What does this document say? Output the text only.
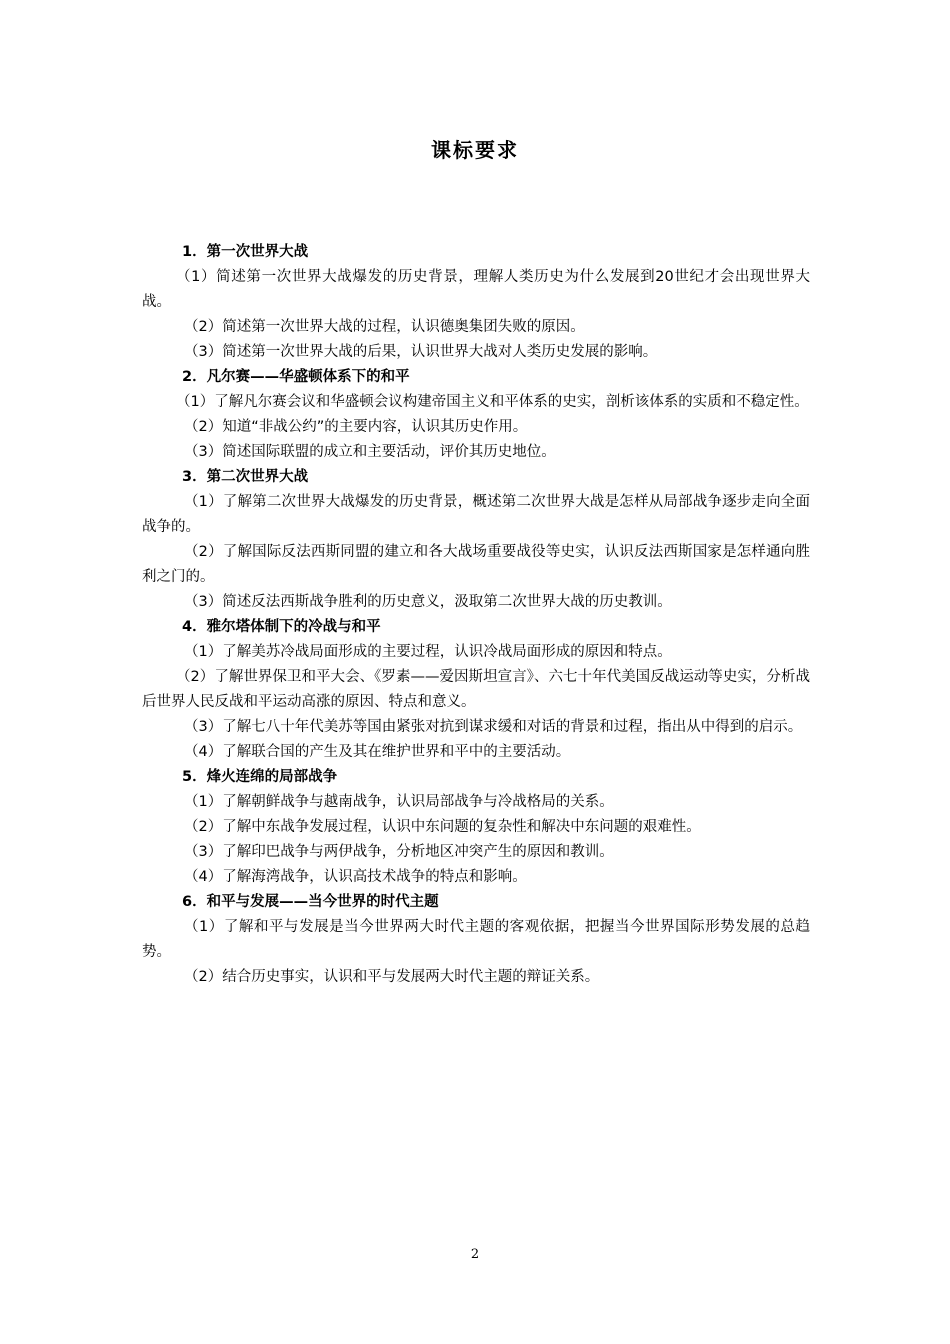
课标要求

1．第一次世界大战

（1）简述第一次世界大战爆发的历史背景，理解人类历史为什么发展到20世纪才会出现世界大战。

（2）简述第一次世界大战的过程，认识德奥集团失败的原因。

（3）简述第一次世界大战的后果，认识世界大战对人类历史发展的影响。

2．凡尔赛——华盛顿体系下的和平

（1）了解凡尔赛会议和华盛顿会议构建帝国主义和平体系的史实，剖析该体系的实质和不稳定性。

（2）知道“非战公约”的主要内容，认识其历史作用。

（3）简述国际联盟的成立和主要活动，评价其历史地位。

3．第二次世界大战

（1）了解第二次世界大战爆发的历史背景，概述第二次世界大战是怎样从局部战争逐步走向全面战争的。

（2）了解国际反法西斯同盟的建立和各大战场重要战役等史实，认识反法西斯国家是怎样通向胜利之门的。

（3）简述反法西斯战争胜利的历史意义，汲取第二次世界大战的历史教训。

4．雅尔塔体制下的冷战与和平

（1）了解美苏冷战局面形成的主要过程，认识冷战局面形成的原因和特点。

（2）了解世界保卫和平大会、《罗素——爱因斯坦宣言》、六七十年代美国反战运动等史实，分析战后世界人民反战和平运动高涨的原因、特点和意义。

（3）了解七八十年代美苏等国由紧张对抗到谋求缓和对话的背景和过程，指出从中得到的启示。

（4）了解联合国的产生及其在维护世界和平中的主要活动。

5．烽火连绵的局部战争

（1）了解朝鲜战争与越南战争，认识局部战争与冷战格局的关系。

（2）了解中东战争发展过程，认识中东问题的复杂性和解决中东问题的艰难性。

（3）了解印巴战争与两伊战争，分析地区冲突产生的原因和教训。

（4）了解海湾战争，认识高技术战争的特点和影响。

6．和平与发展——当今世界的时代主题

（1）了解和平与发展是当今世界两大时代主题的客观依据，把握当今世界国际形势发展的总趋势。

（2）结合历史事实，认识和平与发展两大时代主题的辩证关系。

2
